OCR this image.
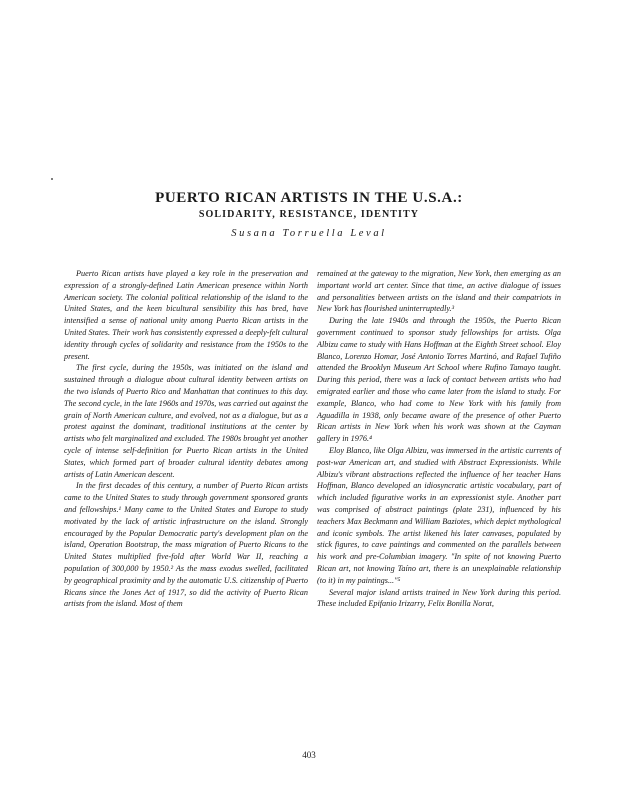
PUERTO RICAN ARTISTS IN THE U.S.A.:
SOLIDARITY, RESISTANCE, IDENTITY

Susana Torruella Leval

Puerto Rican artists have played a key role in the preservation and expression of a strongly-defined Latin American presence within North American society. The colonial political relationship of the island to the United States, and the keen bicultural sensibility this has bred, have intensified a sense of national unity among Puerto Rican artists in the United States. Their work has consistently expressed a deeply-felt cultural identity through cycles of solidarity and resistance from the 1950s to the present.

The first cycle, during the 1950s, was initiated on the island and sustained through a dialogue about cultural identity between artists on the two islands of Puerto Rico and Manhattan that continues to this day. The second cycle, in the late 1960s and 1970s, was carried out against the grain of North American culture, and evolved, not as a dialogue, but as a protest against the dominant, traditional institutions at the center by artists who felt marginalized and excluded. The 1980s brought yet another cycle of intense self-definition for Puerto Rican artists in the United States, which formed part of broader cultural identity debates among artists of Latin American descent.

In the first decades of this century, a number of Puerto Rican artists came to the United States to study through government sponsored grants and fellowships.¹ Many came to the United States and Europe to study motivated by the lack of artistic infrastructure on the island. Strongly encouraged by the Popular Democratic party's development plan on the island, Operation Bootstrap, the mass migration of Puerto Ricans to the United States multiplied five-fold after World War II, reaching a population of 300,000 by 1950.² As the mass exodus swelled, facilitated by geographical proximity and by the automatic U.S. citizenship of Puerto Ricans since the Jones Act of 1917, so did the activity of Puerto Rican artists from the island. Most of them

remained at the gateway to the migration, New York, then emerging as an important world art center. Since that time, an active dialogue of issues and personalities between artists on the island and their compatriots in New York has flourished uninterruptedly.³

During the late 1940s and through the 1950s, the Puerto Rican government continued to sponsor study fellowships for artists. Olga Albizu came to study with Hans Hoffman at the Eighth Street school. Eloy Blanco, Lorenzo Homar, José Antonio Torres Martinó, and Rafael Tufiño attended the Brooklyn Museum Art School where Rufino Tamayo taught. During this period, there was a lack of contact between artists who had emigrated earlier and those who came later from the island to study. For example, Blanco, who had come to New York with his family from Aguadilla in 1938, only became aware of the presence of other Puerto Rican artists in New York when his work was shown at the Cayman gallery in 1976.⁴

Eloy Blanco, like Olga Albizu, was immersed in the artistic currents of post-war American art, and studied with Abstract Expressionists. While Albizu's vibrant abstractions reflected the influence of her teacher Hans Hoffman, Blanco developed an idiosyncratic artistic vocabulary, part of which included figurative works in an expressionist style. Another part was comprised of abstract paintings (plate 231), influenced by his teachers Max Beckmann and William Baziotes, which depict mythological and iconic symbols. The artist likened his later canvases, populated by stick figures, to cave paintings and commented on the parallels between his work and pre-Columbian imagery. "In spite of not knowing Puerto Rican art, not knowing Taíno art, there is an unexplainable relationship (to it) in my paintings..."⁵

Several major island artists trained in New York during this period. These included Epifanio Irizarry, Felix Bonilla Norat,

403
